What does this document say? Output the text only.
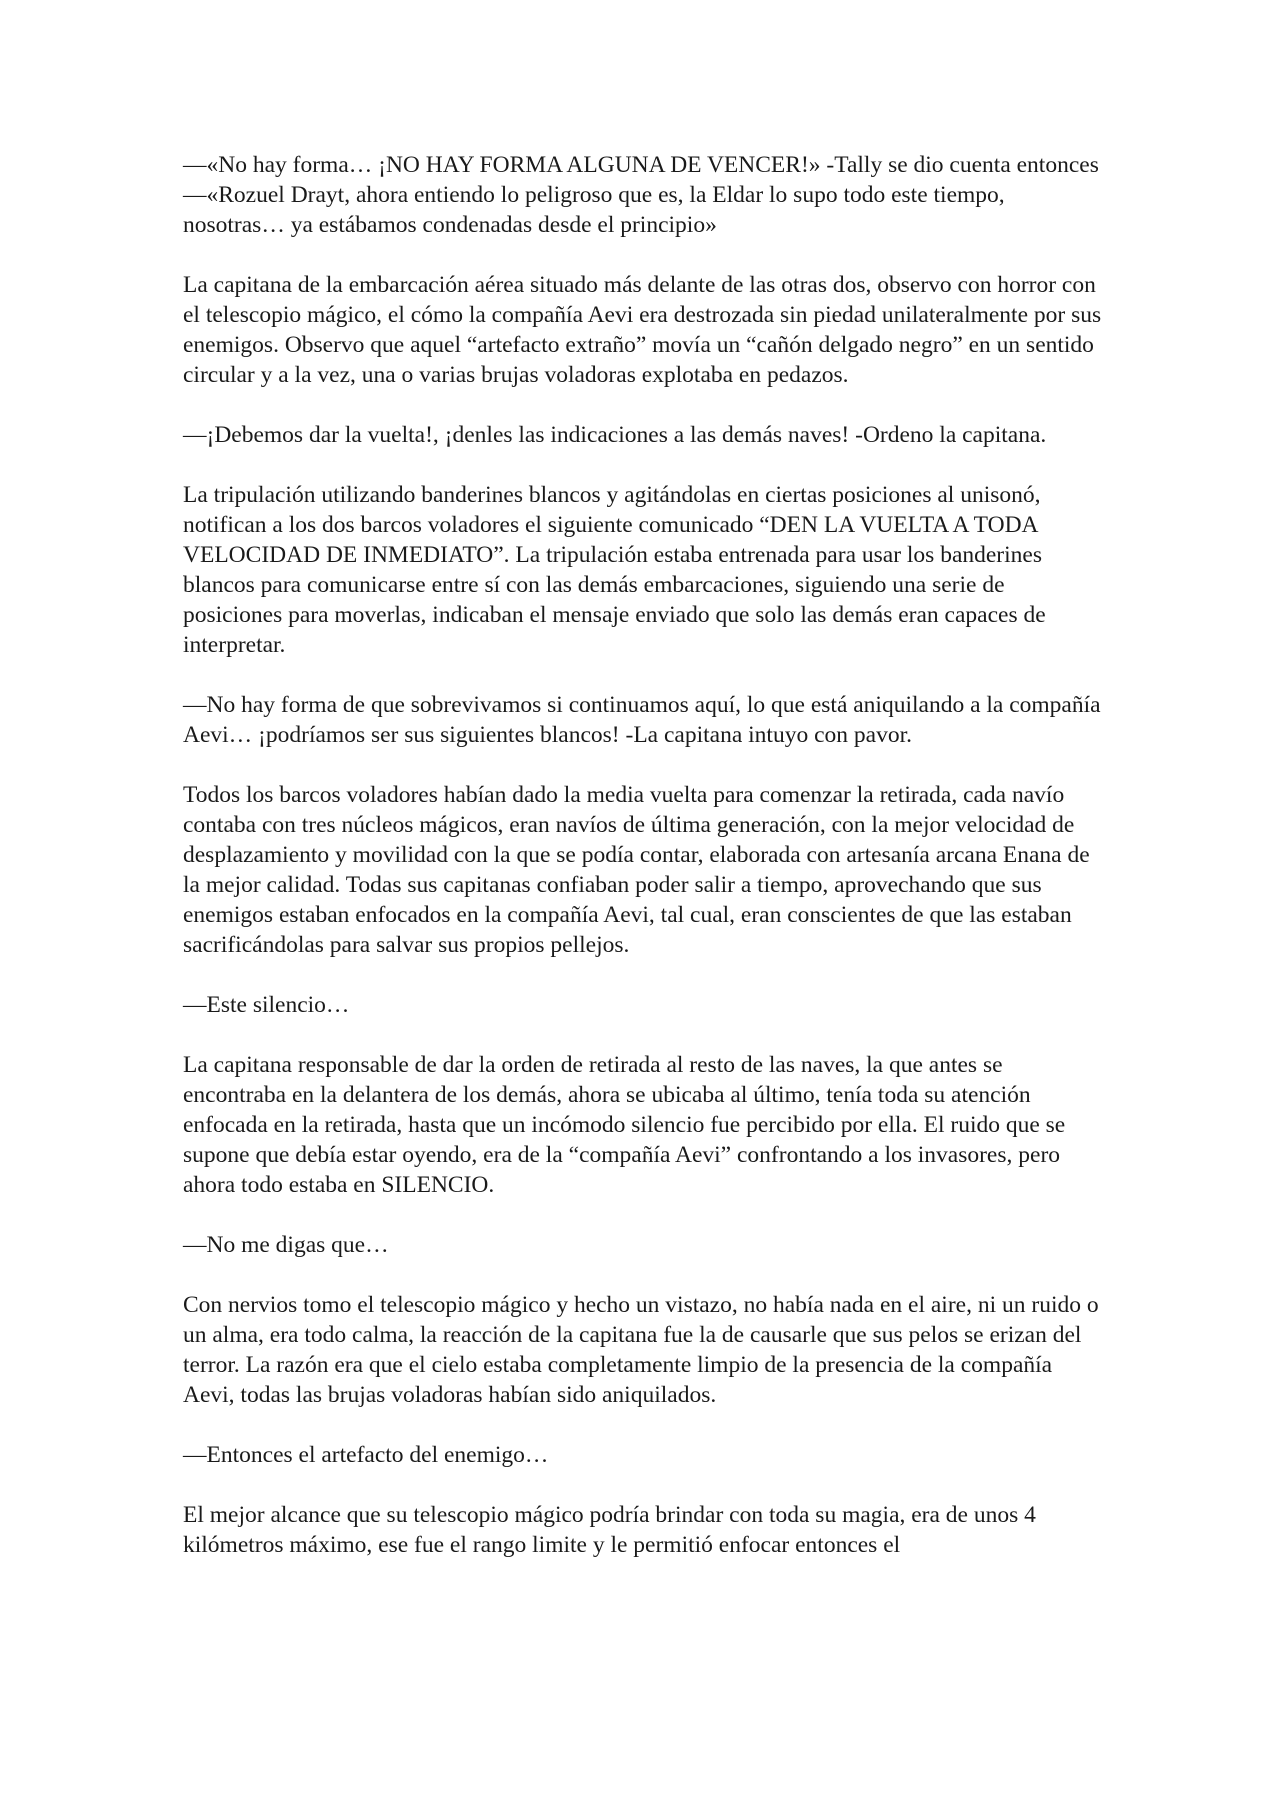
—«No hay forma… ¡NO HAY FORMA ALGUNA DE VENCER!» -Tally se dio cuenta entonces —«Rozuel Drayt, ahora entiendo lo peligroso que es, la Eldar lo supo todo este tiempo, nosotras… ya estábamos condenadas desde el principio»

La capitana de la embarcación aérea situado más delante de las otras dos, observo con horror con el telescopio mágico, el cómo la compañía Aevi era destrozada sin piedad unilateralmente por sus enemigos. Observo que aquel “artefacto extraño” movía un “cañón delgado negro” en un sentido circular y a la vez, una o varias brujas voladoras explotaba en pedazos.

—¡Debemos dar la vuelta!, ¡denles las indicaciones a las demás naves! -Ordeno la capitana.

La tripulación utilizando banderines blancos y agitándolas en ciertas posiciones al unisonó, notifican a los dos barcos voladores el siguiente comunicado “DEN LA VUELTA A TODA VELOCIDAD DE INMEDIATO”. La tripulación estaba entrenada para usar los banderines blancos para comunicarse entre sí con las demás embarcaciones, siguiendo una serie de posiciones para moverlas, indicaban el mensaje enviado que solo las demás eran capaces de interpretar.

—No hay forma de que sobrevivamos si continuamos aquí, lo que está aniquilando a la compañía Aevi… ¡podríamos ser sus siguientes blancos! -La capitana intuyo con pavor.

Todos los barcos voladores habían dado la media vuelta para comenzar la retirada, cada navío contaba con tres núcleos mágicos, eran navíos de última generación, con la mejor velocidad de desplazamiento y movilidad con la que se podía contar, elaborada con artesanía arcana Enana de la mejor calidad. Todas sus capitanas confiaban poder salir a tiempo, aprovechando que sus enemigos estaban enfocados en la compañía Aevi, tal cual, eran conscientes de que las estaban sacrificándolas para salvar sus propios pellejos.

—Este silencio…

La capitana responsable de dar la orden de retirada al resto de las naves, la que antes se encontraba en la delantera de los demás, ahora se ubicaba al último, tenía toda su atención enfocada en la retirada, hasta que un incómodo silencio fue percibido por ella. El ruido que se supone que debía estar oyendo, era de la “compañía Aevi” confrontando a los invasores, pero ahora todo estaba en SILENCIO.

—No me digas que…

Con nervios tomo el telescopio mágico y hecho un vistazo, no había nada en el aire, ni un ruido o un alma, era todo calma, la reacción de la capitana fue la de causarle que sus pelos se erizan del terror. La razón era que el cielo estaba completamente limpio de la presencia de la compañía Aevi, todas las brujas voladoras habían sido aniquilados.

—Entonces el artefacto del enemigo…

El mejor alcance que su telescopio mágico podría brindar con toda su magia, era de unos 4 kilómetros máximo, ese fue el rango limite y le permitió enfocar entonces el
